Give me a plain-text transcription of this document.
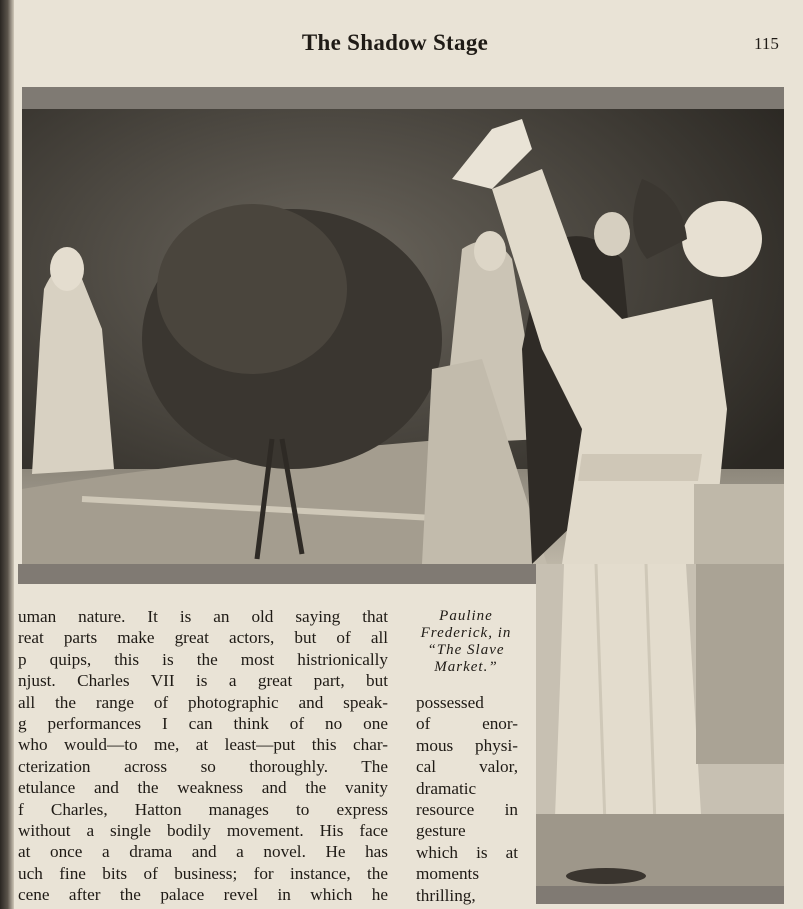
The Shadow Stage	115

uman nature. It is an old saying that
reat parts make great actors, but of all
p quips, this is the most histrionically
njust. Charles VII is a great part, but
all the range of photographic and speak-
g performances I can think of no one
who would—to me, at least—put this char-
cterization across so thoroughly. The
etulance and the weakness and the vanity
f Charles, Hatton manages to express
without a single bodily movement. His face
at once a drama and a novel. He has
uch fine bits of business; for instance, the
cene after the palace revel in which he

Pauline
Frederick, in
“The Slave
Market.”
possessed
of enor-
mous physi-
cal valor,
dramatic
resource in
gesture
which is at
moments
thrilling,
